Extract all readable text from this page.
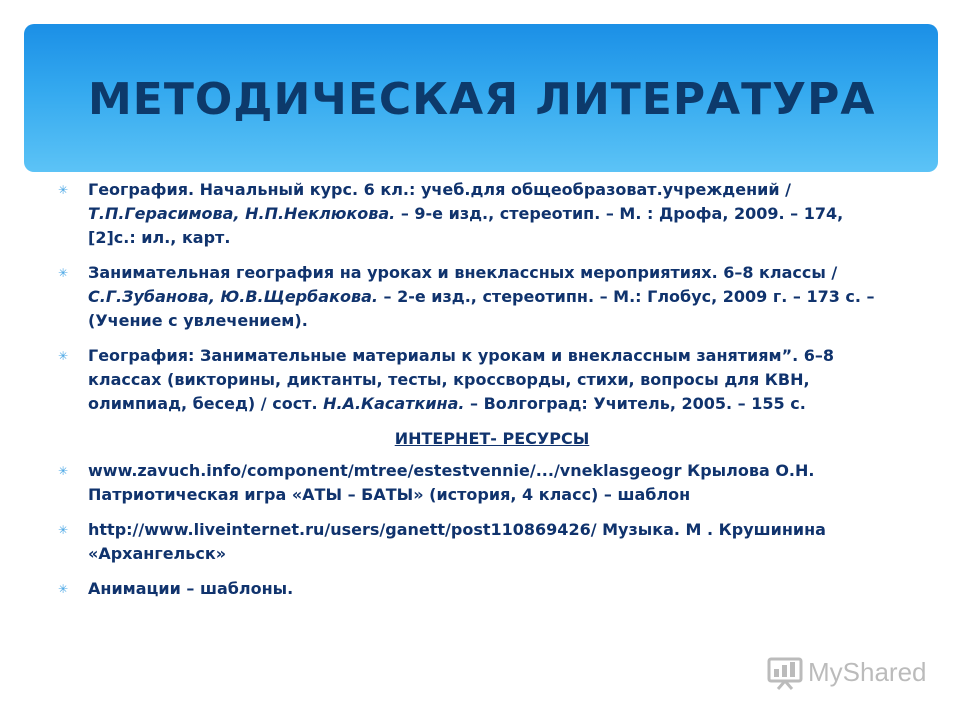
МЕТОДИЧЕСКАЯ ЛИТЕРАТУРА
✳ География. Начальный курс. 6 кл.: учеб.для общеобразоват.учреждений / Т.П.Герасимова, Н.П.Неклюкова. – 9-е изд., стереотип. – М. : Дрофа, 2009. – 174, [2]с.: ил., карт.
✳ Занимательная география на уроках и внеклассных мероприятиях. 6–8 классы / С.Г.Зубанова, Ю.В.Щербакова. – 2-е изд., стереотипн. – М.: Глобус, 2009 г. – 173 с. – (Учение с увлечением).
✳ География: Занимательные материалы к урокам и внеклассным занятиям”. 6–8 классах (викторины, диктанты, тесты, кроссворды, стихи, вопросы для КВН, олимпиад, бесед) / сост. Н.А.Касаткина. – Волгоград: Учитель, 2005. – 155 с.
ИНТЕРНЕТ- РЕСУРСЫ
✳ www.zavuch.info/component/mtree/estestvennie/.../vneklasgeogr Крылова О.Н. Патриотическая игра «АТЫ – БАТЫ» (история, 4 класс) – шаблон
✳ http://www.liveinternet.ru/users/ganett/post110869426/ Музыка. М . Крушинина «Архангельск»
✳ Анимации – шаблоны.
MyShared
